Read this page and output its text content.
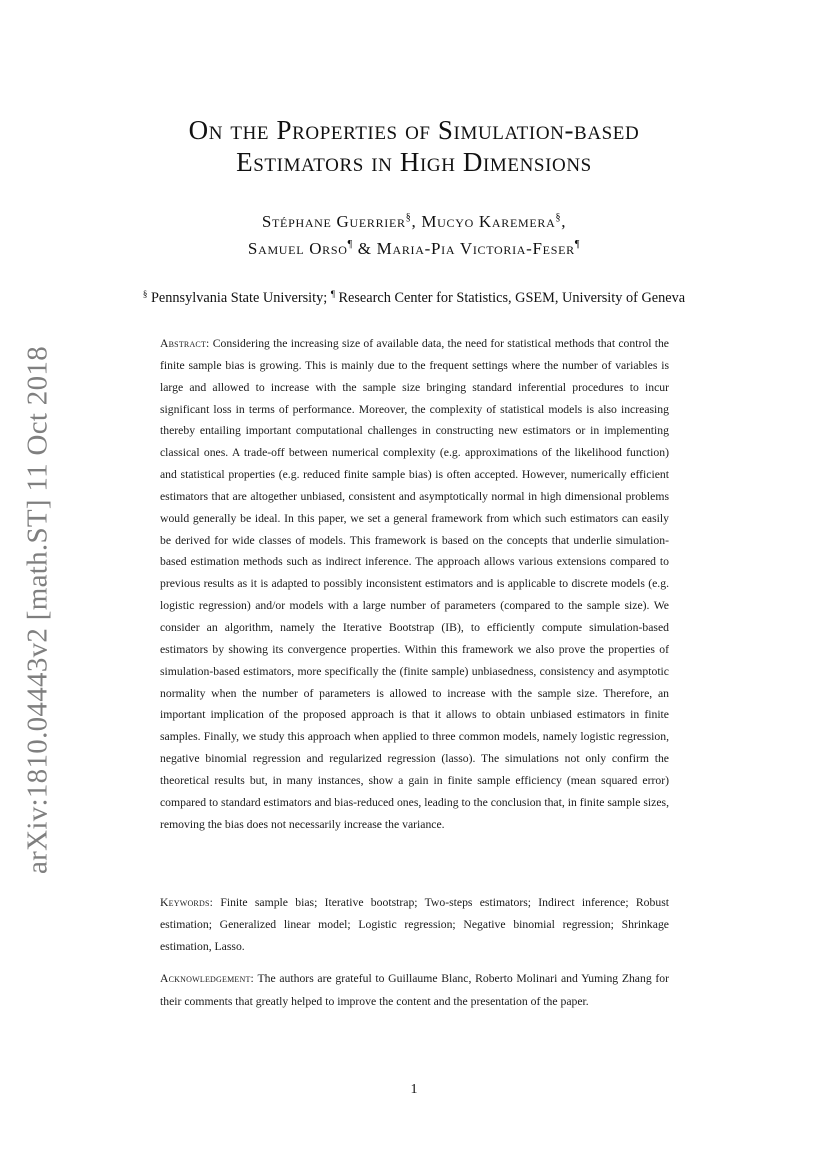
arXiv:1810.04443v2 [math.ST] 11 Oct 2018
On the Properties of Simulation-based
Estimators in High Dimensions
Stéphane Guerrier§, Mucyo Karemera§,
Samuel Orso¶ & Maria-Pia Victoria-Feser¶
§ Pennsylvania State University; ¶ Research Center for Statistics, GSEM, University of Geneva
Abstract: Considering the increasing size of available data, the need for statistical methods that control the finite sample bias is growing. This is mainly due to the frequent settings where the number of variables is large and allowed to increase with the sample size bringing standard inferential procedures to incur significant loss in terms of performance. Moreover, the complexity of statistical models is also increasing thereby entailing important computational challenges in constructing new estimators or in implementing classical ones. A trade-off between numerical complexity (e.g. approximations of the likelihood function) and statistical properties (e.g. reduced finite sample bias) is often accepted. However, numerically efficient estimators that are altogether unbiased, consistent and asymptotically normal in high dimensional problems would generally be ideal. In this paper, we set a general framework from which such estimators can easily be derived for wide classes of models. This framework is based on the concepts that underlie simulation-based estimation methods such as indirect inference. The approach allows various extensions compared to previous results as it is adapted to possibly inconsistent estimators and is applicable to discrete models (e.g. logistic regression) and/or models with a large number of parameters (compared to the sample size). We consider an algorithm, namely the Iterative Bootstrap (IB), to efficiently compute simulation-based estimators by showing its convergence properties. Within this framework we also prove the properties of simulation-based estimators, more specifically the (finite sample) unbiasedness, consistency and asymptotic normality when the number of parameters is allowed to increase with the sample size. Therefore, an important implication of the proposed approach is that it allows to obtain unbiased estimators in finite samples. Finally, we study this approach when applied to three common models, namely logistic regression, negative binomial regression and regularized regression (lasso). The simulations not only confirm the theoretical results but, in many instances, show a gain in finite sample efficiency (mean squared error) compared to standard estimators and bias-reduced ones, leading to the conclusion that, in finite sample sizes, removing the bias does not necessarily increase the variance.
Keywords: Finite sample bias; Iterative bootstrap; Two-steps estimators; Indirect inference; Robust estimation; Generalized linear model; Logistic regression; Negative binomial regression; Shrinkage estimation, Lasso.
Acknowledgement: The authors are grateful to Guillaume Blanc, Roberto Molinari and Yuming Zhang for their comments that greatly helped to improve the content and the presentation of the paper.
1
